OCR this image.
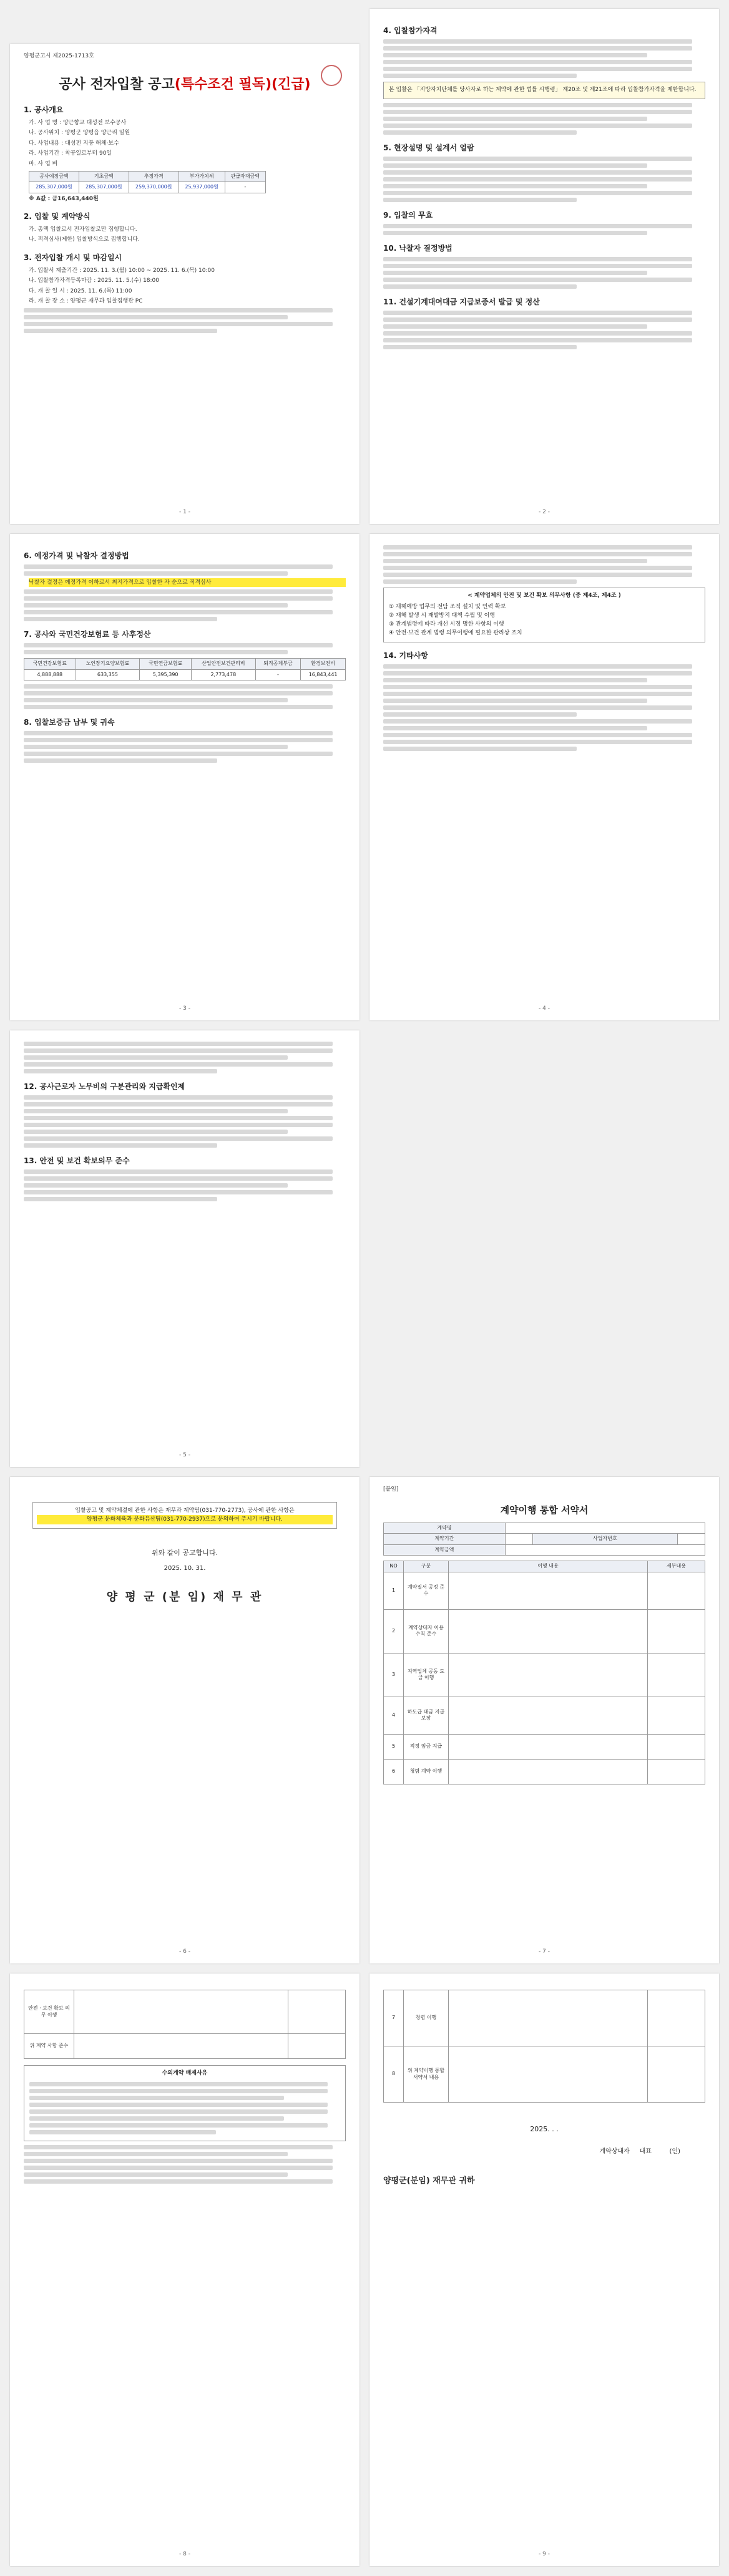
양평군고시 제2025-1713호
공사 전자입찰 공고(특수조건 필독)(긴급)
1. 공사개요
가. 사 업 명 : 양근향교 대성전 보수공사
나. 공사위치 : 양평군 양평읍 양근리 일원
다. 사업내용 : 대성전 지붕 해체·보수
라. 사업기간 : 착공일로부터 90일
마. 사 업 비
공사예정금액	기초금액	추정가격	부가가치세	관급자재금액
285,307,000원	285,307,000원	259,370,000원	25,937,000원	-
※ A값 : 금16,643,440원
2. 입찰 및 계약방식
가. 총액 입찰로서 전자입찰로만 집행합니다.
나. 적격심사(제한) 입찰방식으로 집행합니다.
3. 전자입찰 개시 및 마감일시
가. 입찰서 제출기간 : 2025. 11. 3.(월) 10:00 ~ 2025. 11. 6.(목) 10:00
나. 입찰참가자격등록마감 : 2025. 11. 5.(수) 18:00
다. 개 찰 일 시 : 2025. 11. 6.(목) 11:00
라. 개 찰 장 소 : 양평군 재무과 입찰집행관 PC
- 1 -
4. 입찰참가자격
본 입찰은 「지방자치단체를 당사자로 하는 계약에 관한 법률 시행령」 제20조 및 제21조에 따라 입찰참가자격을 제한합니다.
5. 현장설명 및 설계서 열람
9. 입찰의 무효
10. 낙찰자 결정방법
11. 건설기계대여대금 지급보증서 발급 및 정산
- 2 -
6. 예정가격 및 낙찰자 결정방법
낙찰자 결정은 예정가격 이하로서 최저가격으로 입찰한 자 순으로 적격심사
7. 공사와 국민건강보험료 등 사후정산
국민건강보험료	노인장기요양보험료	국민연금보험료	산업안전보건관리비	퇴직공제부금	환경보전비
4,888,888	633,355	5,395,390	2,773,478	-	16,843,441
8. 입찰보증금 납부 및 귀속
- 3 -
< 계약업체의 안전 및 보건 확보 의무사항 (중 제4조, 제4조 )
① 재해예방 업무의 전담 조직 설치 및 인력 확보
② 재해 발생 시 재발방지 대책 수립 및 이행
③ 관계법령에 따라 개선 시정 명한 사항의 이행
④ 안전·보건 관계 법령 의무이행에 필요한 관리상 조치
14. 기타사항
- 4 -
12. 공사근로자 노무비의 구분관리와 지급확인제
13. 안전 및 보건 확보의무 준수
- 5 -
입찰공고 및 계약체결에 관한 사항은 재무과 계약팀(031-770-2773), 공사에 관한 사항은
양평군 문화체육과 문화유산팀(031-770-2937)으로 문의하여 주시기 바랍니다.
위와 같이 공고합니다.
2025. 10. 31.
양 평 군 (분 임) 재 무 관
- 6 -
[붙임]
계약이행 통합 서약서
계약명			
계약기간		사업자번호	
계약금액			
NO	구분	이행 내용	세부내용
1	계약질서 공정 준수		
2	계약상대자 이용 수칙 준수		
3	지역업체 공동 도급 이행		
4	하도급 대금 지급 보장		
5	적정 임금 지급		
6	청렴 계약 이행		
- 7 -
안전 · 보건 확보 의무 이행		
위 계약 사항 준수		
수의계약 배제사유
- 8 -
7	청렴 이행		
8	위 계약이행 통합 서약서 내용		
2025. . .
계약상대자 대표	(인)
양평군(분임) 재무관 귀하
- 9 -
